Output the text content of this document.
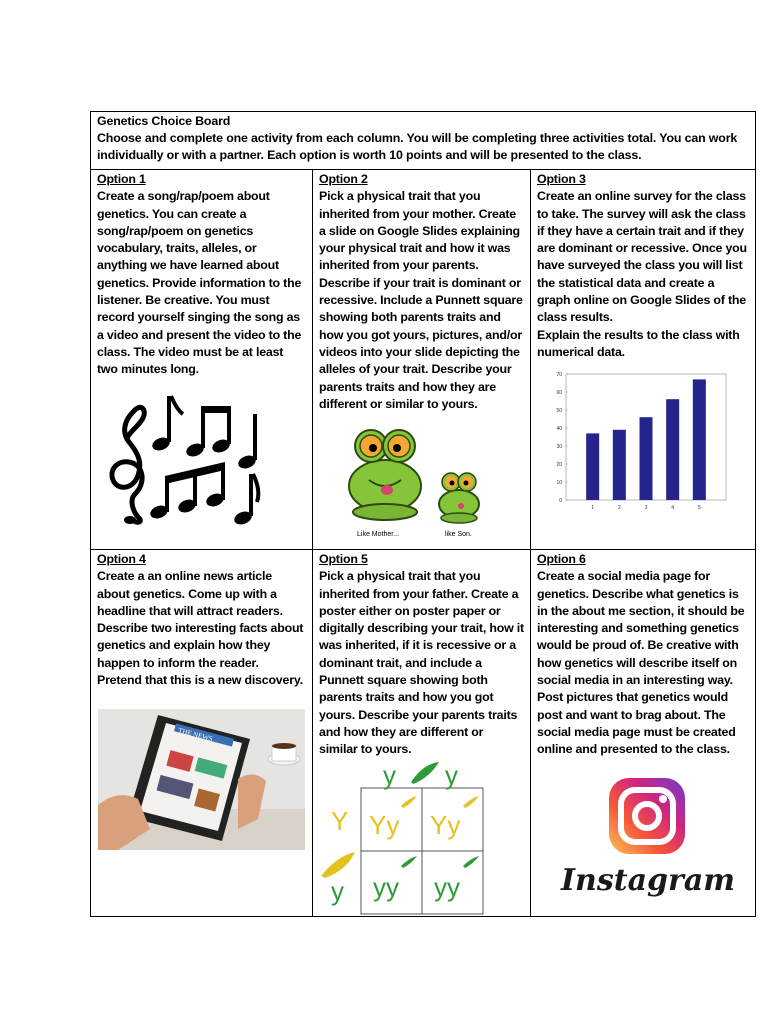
Genetics Choice Board
Choose and complete one activity from each column. You will be completing three activities total. You can work individually or with a partner. Each option is worth 10 points and will be presented to the class.
Option 1
Create a song/rap/poem about genetics. You can create a song/rap/poem on genetics vocabulary, traits, alleles, or anything we have learned about genetics. Provide information to the listener. Be creative. You must record yourself singing the song as a video and present the video to the class. The video must be at least two minutes long.
Option 2
Pick a physical trait that you inherited from your mother. Create a slide on Google Slides explaining your physical trait and how it was inherited from your parents. Describe if your trait is dominant or recessive. Include a Punnett square showing both parents traits and how you got yours, pictures, and/or videos into your slide depicting the alleles of your trait. Describe your parents traits and how they are different or similar to yours.
Like Mother...	like Son.
Option 3
Create an online survey for the class to take. The survey will ask the class if they have a certain trait and if they are dominant or recessive. Once you have surveyed the class you will list the statistical data and create a graph online on Google Slides of the class results.
Explain the results to the class with numerical data.
0
10
20
30
40
50
60
70
1	2	3	4	5
Option 4
Create a an online news article about genetics. Come up with a headline that will attract readers. Describe two interesting facts about genetics and explain how they happen to inform the reader. Pretend that this is a new discovery.
THE NEWS
Option 5
Pick a physical trait that you inherited from your father. Create a poster either on poster paper or digitally describing your trait, how it was inherited, if it is recessive or a dominant trait, and include a Punnett square showing both parents traits and how you got yours. Describe your parents traits and how they are different or similar to yours.
y y
Y
y
Yy Yy
yy yy
Option 6
Create a social media page for genetics. Describe what genetics is in the about me section, it should be interesting and something genetics would be proud of. Be creative with how genetics will describe itself on social media in an interesting way. Post pictures that genetics would post and want to brag about. The social media page must be created online and presented to the class.
Instagram
